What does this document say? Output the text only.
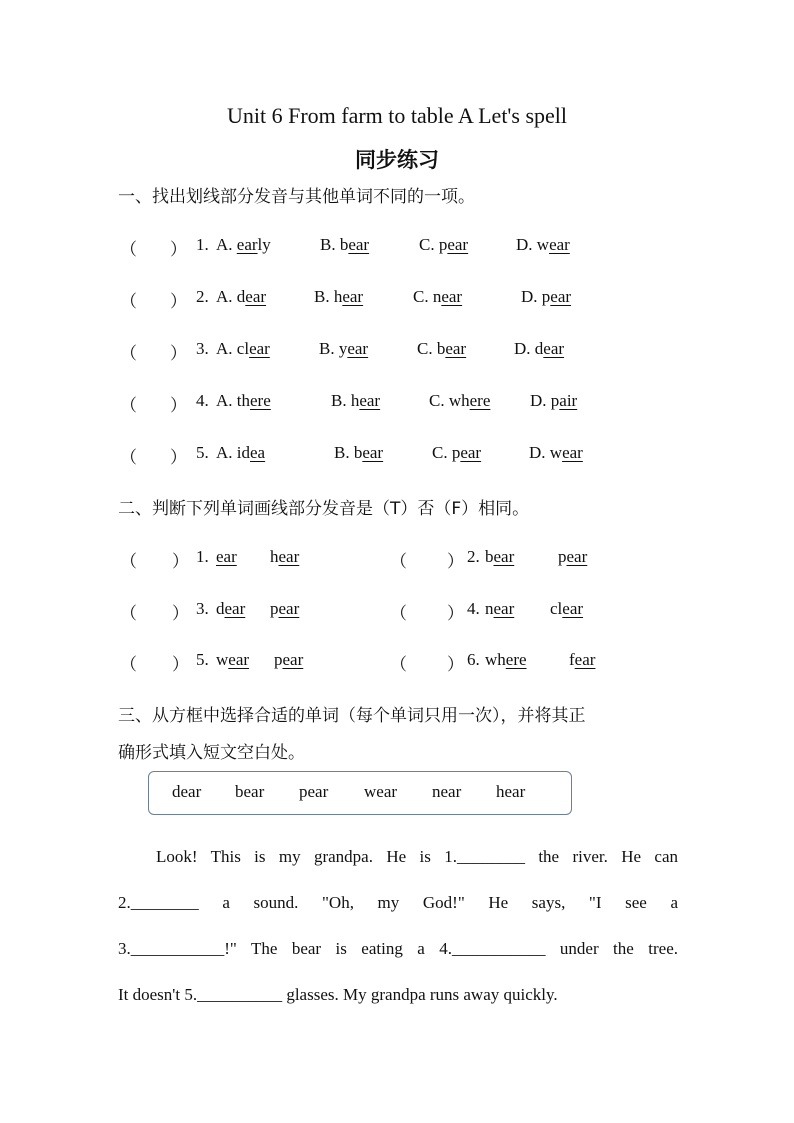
Unit 6 From farm to table A Let's spell
同步练习
一、找出划线部分发音与其他单词不同的一项。
（ ） 1. A. early	B. bear	C. pear	D. wear
（ ） 2. A. dear	B. hear	C. near	D. pear
（ ） 3. A. clear	B. year	C. bear	D. dear
（ ） 4. A. there	B. hear	C. where D. pair
（ ） 5. A. idea	B. bear	C. pear	D. wear
二、判断下列单词画线部分发音是（T）否（F）相同。
（ ） 1. ear hear	（ ） 2. bear	pear
（ ） 3. dear pear	（ ） 4. near clear
（ ） 5. wear pear	（ ） 6. where fear
三、从方框中选择合适的单词（每个单词只用一次），并将其正
确形式填入短文空白处。
dear bear pear wear near hear
Look! This is my grandpa. He is 1.________ the river. He can
2.________ a sound. "Oh, my God!" He says, "I see a
3.___________!" The bear is eating a 4.___________ under the tree.
It doesn't 5.__________ glasses. My grandpa runs away quickly.
